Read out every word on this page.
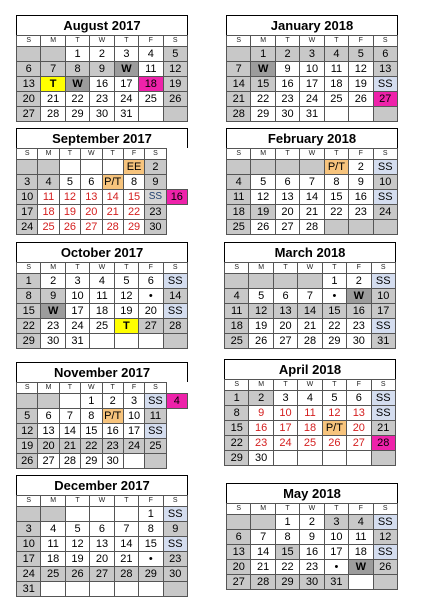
August 2017
S	M	T	W	T	F	S
		1	2	3	4	5
6	7	8	9	W	11	12
13	T	W	16	17	18	19
20	21	22	23	24	25	26
27	28	29	30	31		
January 2018
S	M	T	W	T	F	S
	1	2	3	4	5	6
7	W	9	10	11	12	13
14	15	16	17	18	19	SS
21	22	23	24	25	26	27
28	29	30	31			
September 2017
S	M	T	W	T	F	S	
					EE	2	
3	4	5	6	P/T	8	9	
10	11	12	13	14	15	SS	16
17	18	19	20	21	22	23	
24	25	26	27	28	29	30	
February 2018
S	M	T	W	T	F	S
				P/T	2	SS
4	5	6	7	8	9	10
11	12	13	14	15	16	SS
18	19	20	21	22	23	24
25	26	27	28			
October 2017
S	M	T	W	T	F	S
1	2	3	4	5	6	SS
8	9	10	11	12	•	14
15	W	17	18	19	20	SS
22	23	24	25	T	27	28
29	30	31				
March 2018
S	M	T	W	T	F	S
				1	2	SS
4	5	6	7	•	W	10
11	12	13	14	15	16	17
18	19	20	21	22	23	SS
25	26	27	28	29	30	31
November 2017
S	M	T	W	T	F	S	
			1	2	3	SS	4
5	6	7	8	P/T	10	11	
12	13	14	15	16	17	SS	
19	20	21	22	23	24	25	
26	27	28	29	30			
April 2018
S	M	T	W	T	F	S
1	2	3	4	5	6	SS
8	9	10	11	12	13	SS
15	16	17	18	P/T	20	21
22	23	24	25	26	27	28
29	30					
December 2017
S	M	T	W	T	F	S
					1	SS
3	4	5	6	7	8	9
10	11	12	13	14	15	SS
17	18	19	20	21	•	23
24	25	26	27	28	29	30
31						
May 2018
S	M	T	W	T	F	S
		1	2	3	4	SS
6	7	8	9	10	11	12
13	14	15	16	17	18	SS
20	21	22	23	•	W	26
27	28	29	30	31		
